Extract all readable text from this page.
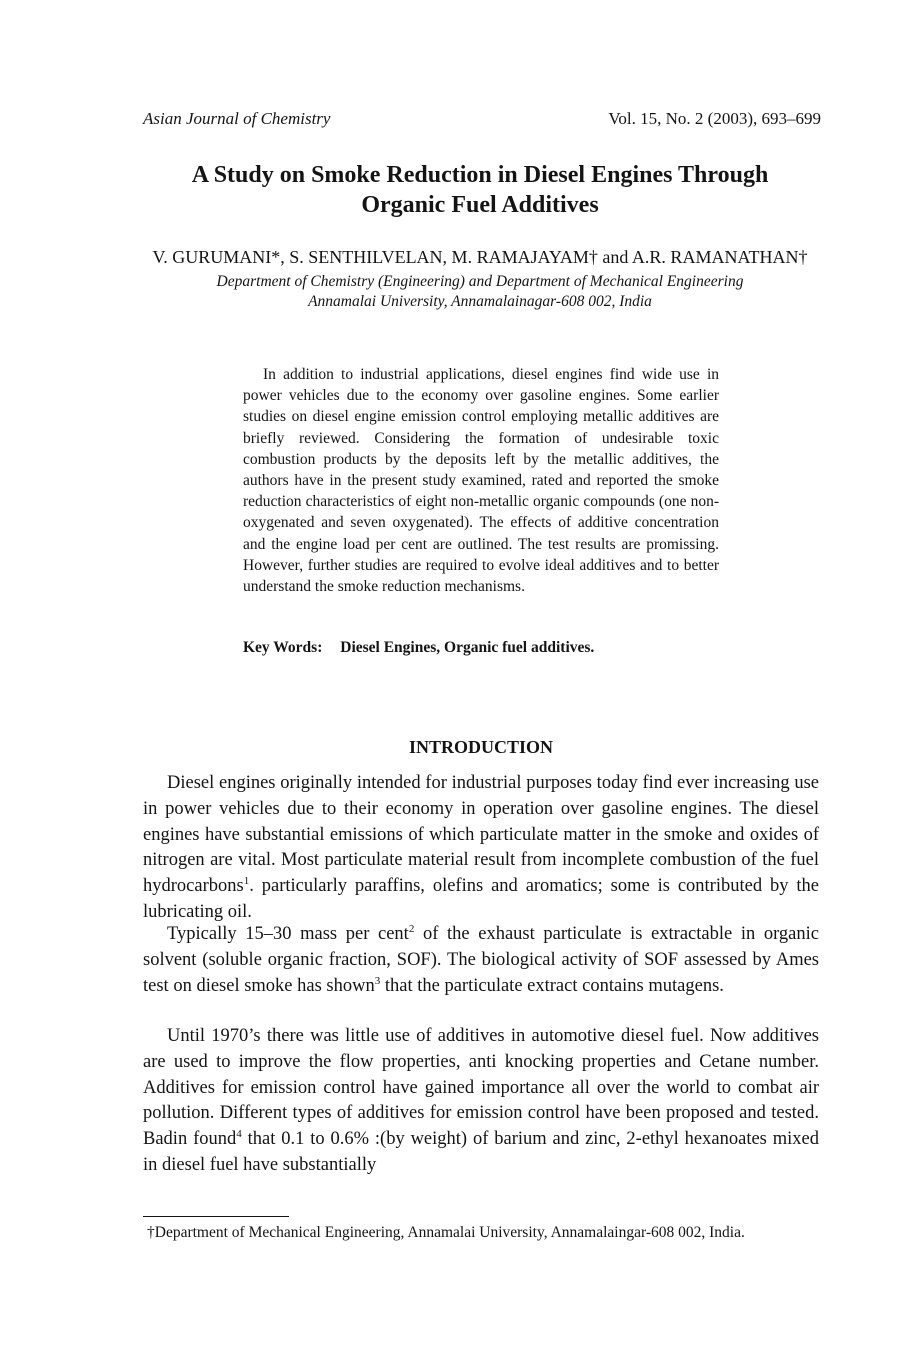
Asian Journal of Chemistry	Vol. 15, No. 2 (2003), 693–699
A Study on Smoke Reduction in Diesel Engines Through
Organic Fuel Additives
V. GURUMANI*, S. SENTHILVELAN, M. RAMAJAYAM† and A.R. RAMANATHAN†
Department of Chemistry (Engineering) and Department of Mechanical Engineering
Annamalai University, Annamalainagar-608 002, India

In addition to industrial applications, diesel engines find wide use in power vehicles due to the economy over gasoline engines. Some earlier studies on diesel engine emission control employing metallic additives are briefly reviewed. Considering the formation of undesirable toxic combustion products by the deposits left by the metallic additives, the authors have in the present study examined, rated and reported the smoke reduction characteristics of eight non-metallic organic compounds (one non-oxygenated and seven oxygenated). The effects of additive concentration and the engine load per cent are outlined. The test results are promissing. However, further studies are required to evolve ideal additives and to better understand the smoke reduction mechanisms.

Key Words: Diesel Engines, Organic fuel additives.
INTRODUCTION

Diesel engines originally intended for industrial purposes today find ever increasing use in power vehicles due to their economy in operation over gasoline engines. The diesel engines have substantial emissions of which particulate matter in the smoke and oxides of nitrogen are vital. Most particulate material result from incomplete combustion of the fuel hydrocarbons$^1$. particularly paraffins, olefins and aromatics; some is contributed by the lubricating oil.

Typically 15–30 mass per cent$^2$ of the exhaust particulate is extractable in organic solvent (soluble organic fraction, SOF). The biological activity of SOF assessed by Ames test on diesel smoke has shown$^3$ that the particulate extract contains mutagens.

Until 1970’s there was little use of additives in automotive diesel fuel. Now additives are used to improve the flow properties, anti knocking properties and Cetane number. Additives for emission control have gained importance all over the world to combat air pollution. Different types of additives for emission control have been proposed and tested. Badin found$^4$ that 0.1 to 0.6% :(by weight) of barium and zinc, 2-ethyl hexanoates mixed in diesel fuel have substantially

†Department of Mechanical Engineering, Annamalai University, Annamalaingar-608 002, India.
